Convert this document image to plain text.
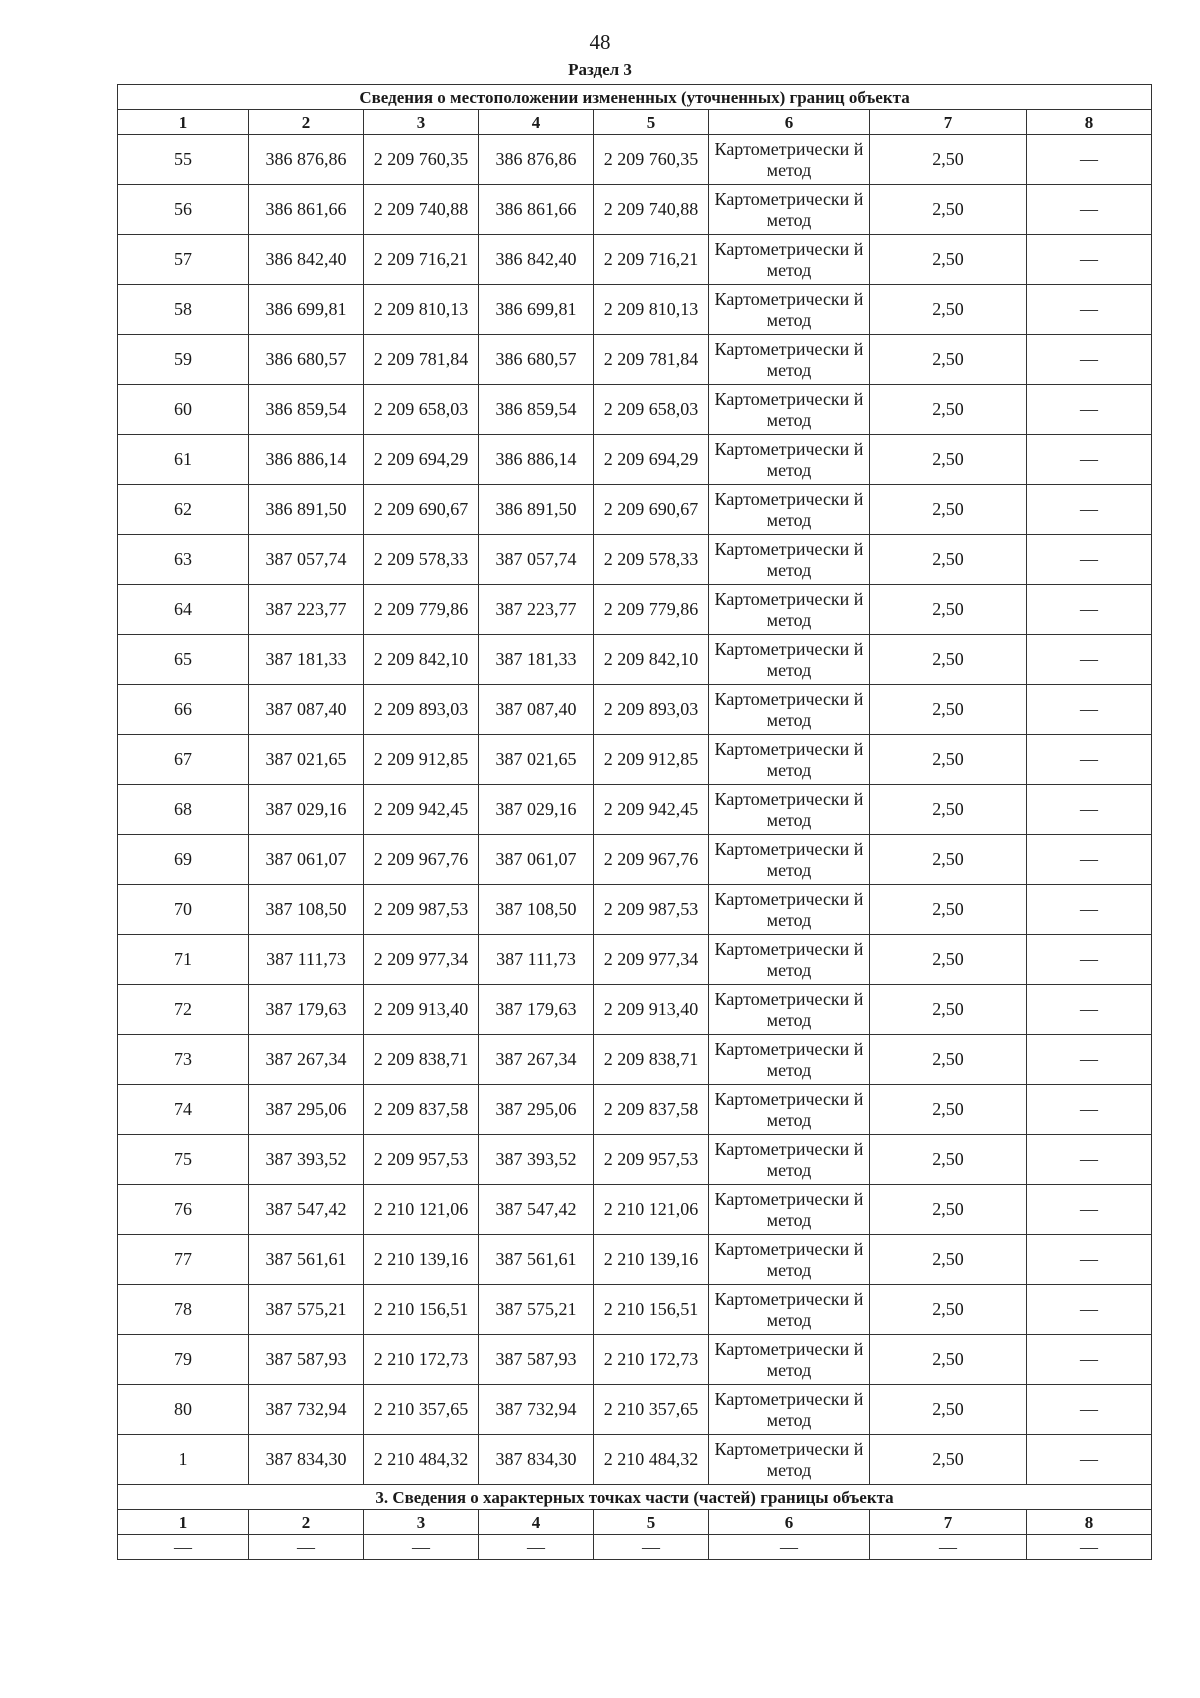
48
Раздел 3
Сведения о местоположении измененных (уточненных) границ объекта							
1	2	3	4	5	6	7	8
55	386 876,86	2 209 760,35	386 876,86	2 209 760,35	Картометрически й метод	2,50	—
56	386 861,66	2 209 740,88	386 861,66	2 209 740,88	Картометрически й метод	2,50	—
57	386 842,40	2 209 716,21	386 842,40	2 209 716,21	Картометрически й метод	2,50	—
58	386 699,81	2 209 810,13	386 699,81	2 209 810,13	Картометрически й метод	2,50	—
59	386 680,57	2 209 781,84	386 680,57	2 209 781,84	Картометрически й метод	2,50	—
60	386 859,54	2 209 658,03	386 859,54	2 209 658,03	Картометрически й метод	2,50	—
61	386 886,14	2 209 694,29	386 886,14	2 209 694,29	Картометрически й метод	2,50	—
62	386 891,50	2 209 690,67	386 891,50	2 209 690,67	Картометрически й метод	2,50	—
63	387 057,74	2 209 578,33	387 057,74	2 209 578,33	Картометрически й метод	2,50	—
64	387 223,77	2 209 779,86	387 223,77	2 209 779,86	Картометрически й метод	2,50	—
65	387 181,33	2 209 842,10	387 181,33	2 209 842,10	Картометрически й метод	2,50	—
66	387 087,40	2 209 893,03	387 087,40	2 209 893,03	Картометрически й метод	2,50	—
67	387 021,65	2 209 912,85	387 021,65	2 209 912,85	Картометрически й метод	2,50	—
68	387 029,16	2 209 942,45	387 029,16	2 209 942,45	Картометрически й метод	2,50	—
69	387 061,07	2 209 967,76	387 061,07	2 209 967,76	Картометрически й метод	2,50	—
70	387 108,50	2 209 987,53	387 108,50	2 209 987,53	Картометрически й метод	2,50	—
71	387 111,73	2 209 977,34	387 111,73	2 209 977,34	Картометрически й метод	2,50	—
72	387 179,63	2 209 913,40	387 179,63	2 209 913,40	Картометрически й метод	2,50	—
73	387 267,34	2 209 838,71	387 267,34	2 209 838,71	Картометрически й метод	2,50	—
74	387 295,06	2 209 837,58	387 295,06	2 209 837,58	Картометрически й метод	2,50	—
75	387 393,52	2 209 957,53	387 393,52	2 209 957,53	Картометрически й метод	2,50	—
76	387 547,42	2 210 121,06	387 547,42	2 210 121,06	Картометрически й метод	2,50	—
77	387 561,61	2 210 139,16	387 561,61	2 210 139,16	Картометрически й метод	2,50	—
78	387 575,21	2 210 156,51	387 575,21	2 210 156,51	Картометрически й метод	2,50	—
79	387 587,93	2 210 172,73	387 587,93	2 210 172,73	Картометрически й метод	2,50	—
80	387 732,94	2 210 357,65	387 732,94	2 210 357,65	Картометрически й метод	2,50	—
1	387 834,30	2 210 484,32	387 834,30	2 210 484,32	Картометрически й метод	2,50	—
3. Сведения о характерных точках части (частей) границы объекта							
1	2	3	4	5	6	7	8
—	—	—	—	—	—	—	—
